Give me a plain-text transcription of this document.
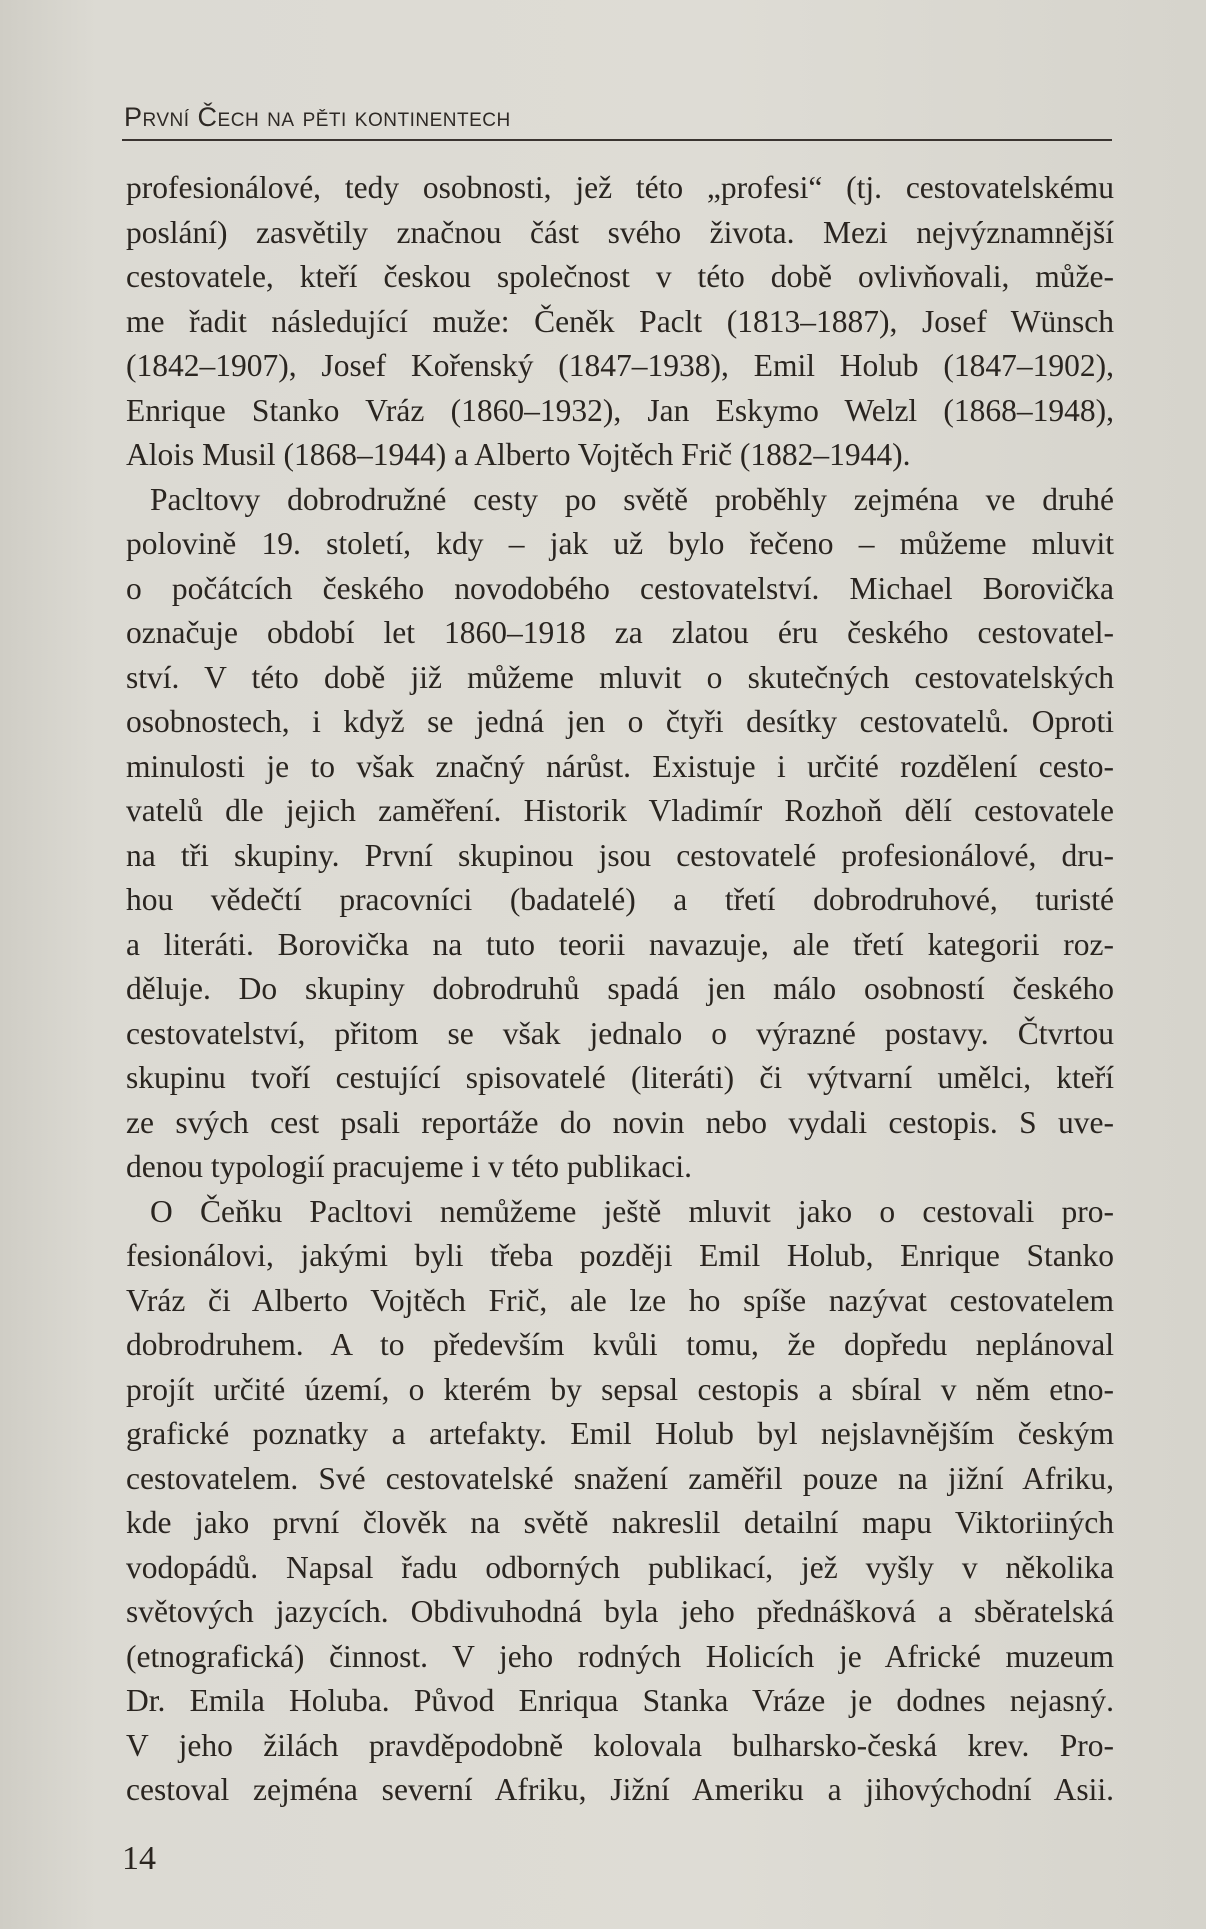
První Čech na pěti kontinentech
profesionálové, tedy osobnosti, jež této „profesi“ (tj. cestovatelskému
poslání) zasvětily značnou část svého života. Mezi nejvýznamnější
cestovatele, kteří českou společnost v této době ovlivňovali, může-
me řadit následující muže: Čeněk Paclt (1813–1887), Josef Wünsch
(1842–1907), Josef Kořenský (1847–1938), Emil Holub (1847–1902),
Enrique Stanko Vráz (1860–1932), Jan Eskymo Welzl (1868–1948),
Alois Musil (1868–1944) a Alberto Vojtěch Frič (1882–1944).
Pacltovy dobrodružné cesty po světě proběhly zejména ve druhé
polovině 19. století, kdy – jak už bylo řečeno – můžeme mluvit
o počátcích českého novodobého cestovatelství. Michael Borovička
označuje období let 1860–1918 za zlatou éru českého cestovatel-
ství. V této době již můžeme mluvit o skutečných cestovatelských
osobnostech, i když se jedná jen o čtyři desítky cestovatelů. Oproti
minulosti je to však značný nárůst. Existuje i určité rozdělení cesto-
vatelů dle jejich zaměření. Historik Vladimír Rozhoň dělí cestovatele
na tři skupiny. První skupinou jsou cestovatelé profesionálové, dru-
hou vědečtí pracovníci (badatelé) a třetí dobrodruhové, turisté
a literáti. Borovička na tuto teorii navazuje, ale třetí kategorii roz-
děluje. Do skupiny dobrodruhů spadá jen málo osobností českého
cestovatelství, přitom se však jednalo o výrazné postavy. Čtvrtou
skupinu tvoří cestující spisovatelé (literáti) či výtvarní umělci, kteří
ze svých cest psali reportáže do novin nebo vydali cestopis. S uve-
denou typologií pracujeme i v této publikaci.
O Čeňku Pacltovi nemůžeme ještě mluvit jako o cestovali pro-
fesionálovi, jakými byli třeba později Emil Holub, Enrique Stanko
Vráz či Alberto Vojtěch Frič, ale lze ho spíše nazývat cestovatelem
dobrodruhem. A to především kvůli tomu, že dopředu neplánoval
projít určité území, o kterém by sepsal cestopis a sbíral v něm etno-
grafické poznatky a artefakty. Emil Holub byl nejslavnějším českým
cestovatelem. Své cestovatelské snažení zaměřil pouze na jižní Afriku,
kde jako první člověk na světě nakreslil detailní mapu Viktoriiných
vodopádů. Napsal řadu odborných publikací, jež vyšly v několika
světových jazycích. Obdivuhodná byla jeho přednášková a sběratelská
(etnografická) činnost. V jeho rodných Holicích je Africké muzeum
Dr. Emila Holuba. Původ Enriqua Stanka Vráze je dodnes nejasný.
V jeho žilách pravděpodobně kolovala bulharsko-česká krev. Pro-
cestoval zejména severní Afriku, Jižní Ameriku a jihovýchodní Asii.
14
